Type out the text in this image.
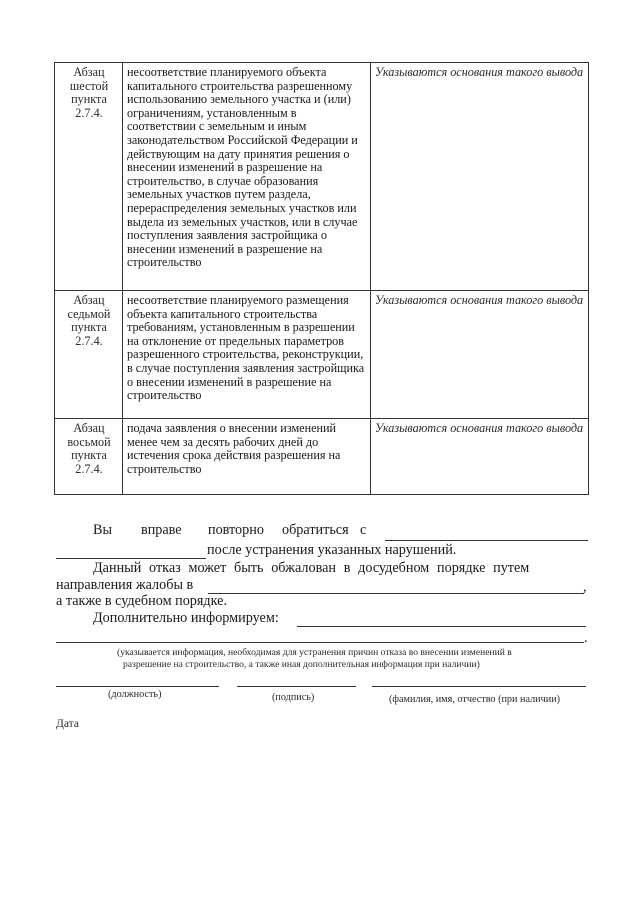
Абзац шестой пункта 2.7.4.	несоответствие планируемого объекта капитального строительства разрешенному использованию земельного участка и (или) ограничениям, установленным в соответствии с земельным и иным законодательством Российской Федерации и действующим на дату принятия решения о внесении изменений в разрешение на строительство, в случае образования земельных участков путем раздела, перераспределения земельных участков или выдела из земельных участков, или в случае поступления заявления застройщика о внесении изменений в разрешение на строительство	Указываются основания такого вывода
Абзац седьмой пункта 2.7.4.	несоответствие планируемого размещения объекта капитального строительства требованиям, установленным в разрешении на отклонение от предельных параметров разрешенного строительства, реконструкции, в случае поступления заявления застройщика о внесении изменений в разрешение на строительство	Указываются основания такого вывода
Абзац восьмой пункта 2.7.4.	подача заявления о внесении изменений менее чем за десять рабочих дней до истечения срока действия разрешения на строительство	Указываются основания такого вывода
Вы вправе повторно обратиться с
после устранения указанных нарушений.
Данный отказ может быть обжалован в досудебном порядке путем
направления жалобы в	,
а также в судебном порядке.
Дополнительно информируем:
.
(указывается информация, необходимая для устранения причин отказа во внесении изменений в
разрешение на строительство, а также иная дополнительная информация при наличии)
(должность)	(подпись)	(фамилия, имя, отчество (при наличии)
Дата
